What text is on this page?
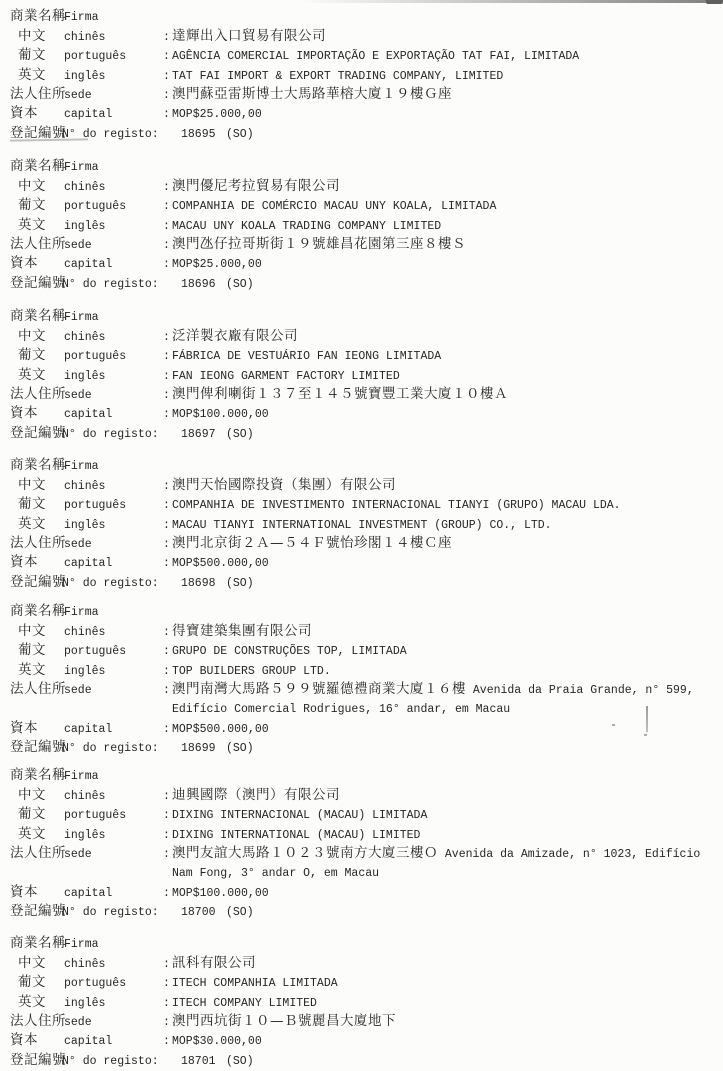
商業名稱
Firma
中文 chinês	: 達輝出入口貿易有限公司
葡文 português	: AGÊNCIA COMERCIAL IMPORTAÇÃO E EXPORTAÇÃO TAT FAI, LIMITADA
英文 inglês	: TAT FAI IMPORT & EXPORT TRADING COMPANY, LIMITED
法人住所
sede	: 澳門蘇亞雷斯博士大馬路華榕大廈１９樓Ｇ座
資本 capital	: MOP$25.000,00
登記編號
N° do registo: 18695 (SO)
商業名稱
Firma
中文 chinês	: 澳門優尼考拉貿易有限公司
葡文 português	: COMPANHIA DE COMÉRCIO MACAU UNY KOALA, LIMITADA
英文 inglês	: MACAU UNY KOALA TRADING COMPANY LIMITED
法人住所
sede	: 澳門氹仔拉哥斯街１９號雄昌花園第三座８樓Ｓ
資本 capital	: MOP$25.000,00
登記編號
N° do registo: 18696 (SO)
商業名稱
Firma
中文 chinês	: 泛洋製衣廠有限公司
葡文 português	: FÁBRICA DE VESTUÁRIO FAN IEONG LIMITADA
英文 inglês	: FAN IEONG GARMENT FACTORY LIMITED
法人住所
sede	: 澳門俾利喇街１３７至１４５號寶豐工業大廈１０樓Ａ
資本 capital	: MOP$100.000,00
登記編號
N° do registo: 18697 (SO)
商業名稱
Firma
中文 chinês	: 澳門天怡國際投資（集團）有限公司
葡文 português	: COMPANHIA DE INVESTIMENTO INTERNACIONAL TIANYI (GRUPO) MACAU LDA.
英文 inglês	: MACAU TIANYI INTERNATIONAL INVESTMENT (GROUP) CO., LTD.
法人住所
sede	: 澳門北京街２Ａ—５４Ｆ號怡珍閣１４樓Ｃ座
資本 capital	: MOP$500.000,00
登記編號
N° do registo: 18698 (SO)
商業名稱
Firma
中文 chinês	: 得寶建築集團有限公司
葡文 português	: GRUPO DE CONSTRUÇÕES TOP, LIMITADA
英文 inglês	: TOP BUILDERS GROUP LTD.
法人住所
sede	: 澳門南灣大馬路５９９號羅德禮商業大廈１６樓 Avenida da Praia Grande, n° 599,
Edifício Comercial Rodrigues, 16° andar, em Macau
資本 capital	: MOP$500.000,00
登記編號
N° do registo: 18699 (SO)
商業名稱
Firma
中文 chinês	: 迪興國際（澳門）有限公司
葡文 português	: DIXING INTERNACIONAL (MACAU) LIMITADA
英文 inglês	: DIXING INTERNATIONAL (MACAU) LIMITED
法人住所
sede	: 澳門友誼大馬路１０２３號南方大廈三樓Ｏ Avenida da Amizade, n° 1023, Edifício
Nam Fong, 3° andar O, em Macau
資本 capital	: MOP$100.000,00
登記編號
N° do registo: 18700 (SO)
商業名稱
Firma
中文 chinês	: 訊科有限公司
葡文 português	: ITECH COMPANHIA LIMITADA
英文 inglês	: ITECH COMPANY LIMITED
法人住所
sede	: 澳門西坑街１０—Ｂ號麗昌大廈地下
資本 capital	: MOP$30.000,00
登記編號
N° do registo: 18701 (SO)
